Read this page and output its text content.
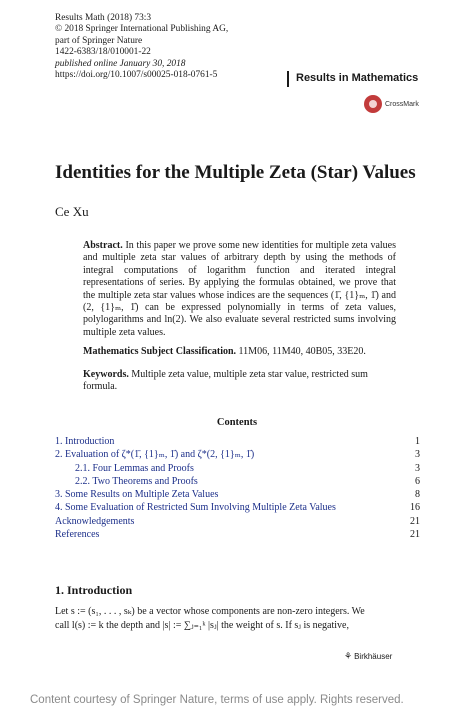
Results Math (2018) 73:3
© 2018 Springer International Publishing AG,
part of Springer Nature
1422-6383/18/010001-22
published online January 30, 2018
https://doi.org/10.1007/s00025-018-0761-5	Results in Mathematics
CrossMark
Identities for the Multiple Zeta (Star) Values
Ce Xu
Abstract. In this paper we prove some new identities for multiple zeta values and multiple zeta star values of arbitrary depth by using the methods of integral computations of logarithm function and iterated integral representations of series. By applying the formulas obtained, we prove that the multiple zeta star values whose indices are the sequences (1̄, {1}ₘ, 1̄) and (2, {1}ₘ, 1̄) can be expressed polynomially in terms of zeta values, polylogarithms and ln(2). We also evaluate several restricted sums involving multiple zeta values.
Mathematics Subject Classification. 11M06, 11M40, 40B05, 33E20.
Keywords. Multiple zeta value, multiple zeta star value, restricted sum formula.
Contents
1. Introduction	1
2. Evaluation of ζ*(1̄, {1}ₘ, 1̄) and ζ*(2, {1}ₘ, 1̄)	3
2.1. Four Lemmas and Proofs	3
2.2. Two Theorems and Proofs	6
3. Some Results on Multiple Zeta Values	8
4. Some Evaluation of Restricted Sum Involving Multiple Zeta Values	16
Acknowledgements	21
References	21
1. Introduction
Let s := (s₁, . . . , sₖ) be a vector whose components are non-zero integers. We
call l(s) := k the depth and |s| := ∑ⱼ₌₁ᵏ |sⱼ| the weight of s. If sⱼ is negative,
⚘ Birkhäuser
Content courtesy of Springer Nature, terms of use apply. Rights reserved.
